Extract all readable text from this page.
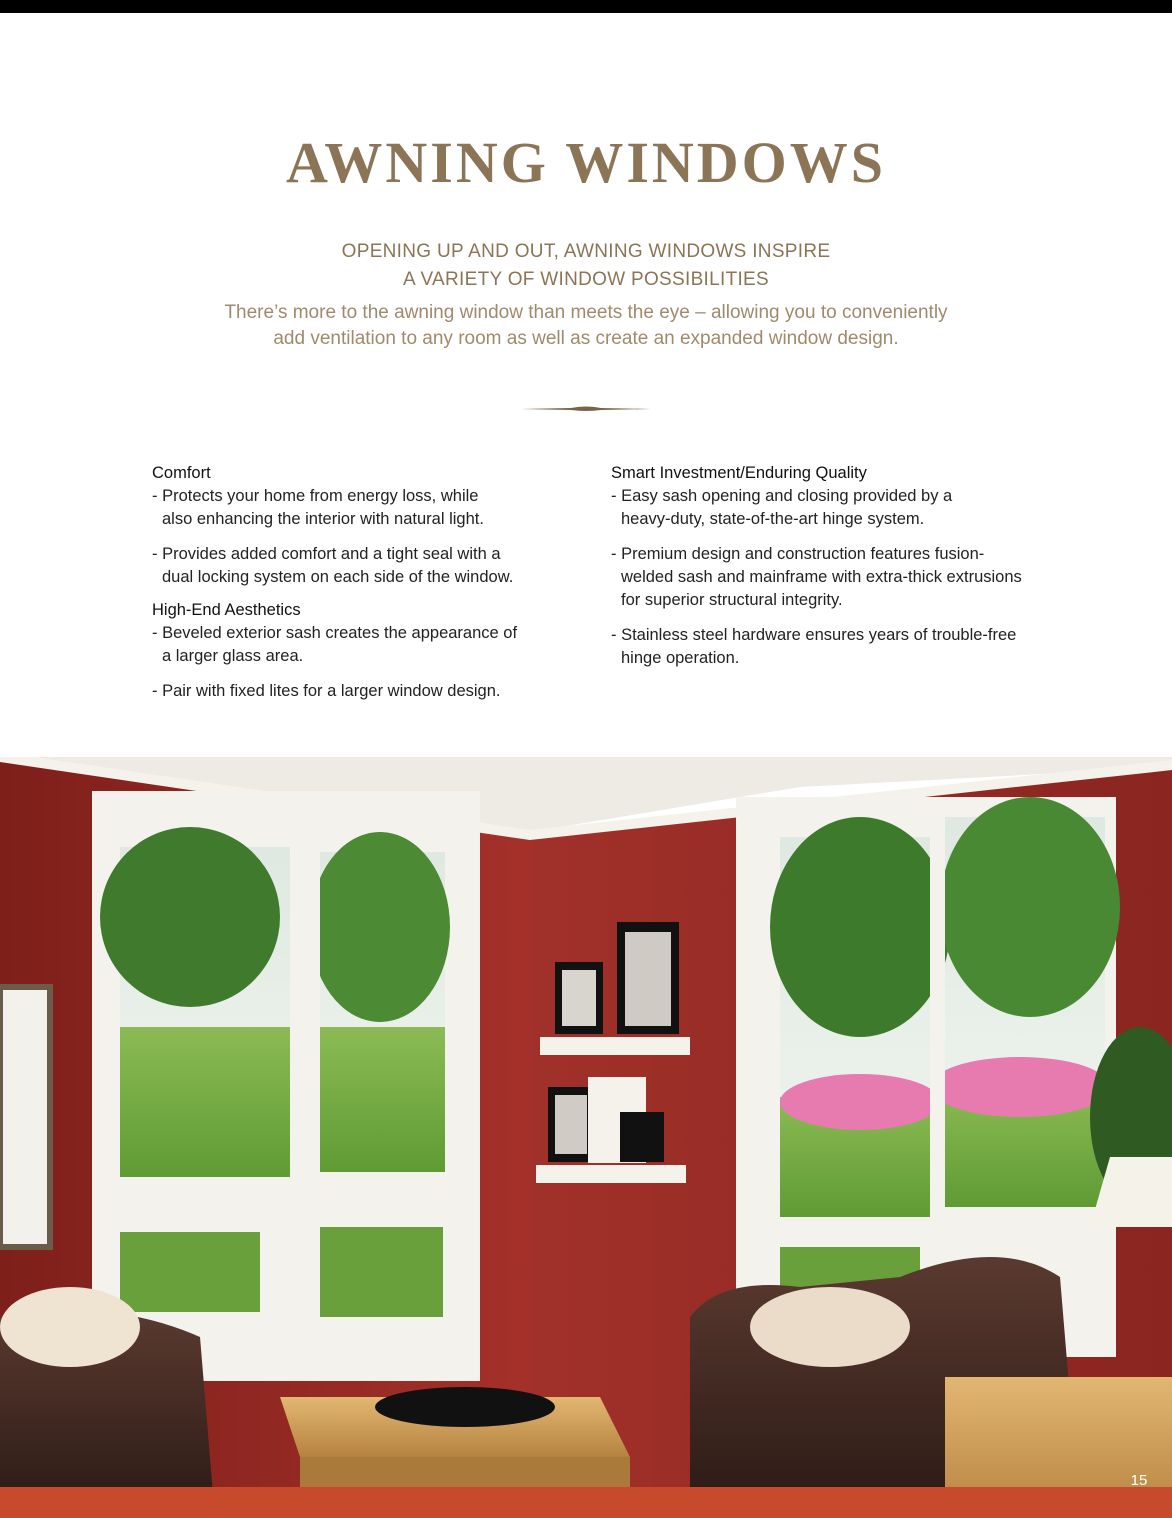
AWNING WINDOWS
OPENING UP AND OUT, AWNING WINDOWS INSPIRE
A VARIETY OF WINDOW POSSIBILITIES
There’s more to the awning window than meets the eye – allowing you to conveniently
add ventilation to any room as well as create an expanded window design.
Comfort
- Protects your home from energy loss, while
also enhancing the interior with natural light.
- Provides added comfort and a tight seal with a
dual locking system on each side of the window.
High-End Aesthetics
- Beveled exterior sash creates the appearance of
a larger glass area.
- Pair with fixed lites for a larger window design.
Smart Investment/Enduring Quality
- Easy sash opening and closing provided by a
heavy-duty, state-of-the-art hinge system.
- Premium design and construction features fusion-
welded sash and mainframe with extra-thick extrusions
for superior structural integrity.
- Stainless steel hardware ensures years of trouble-free
hinge operation.
15
